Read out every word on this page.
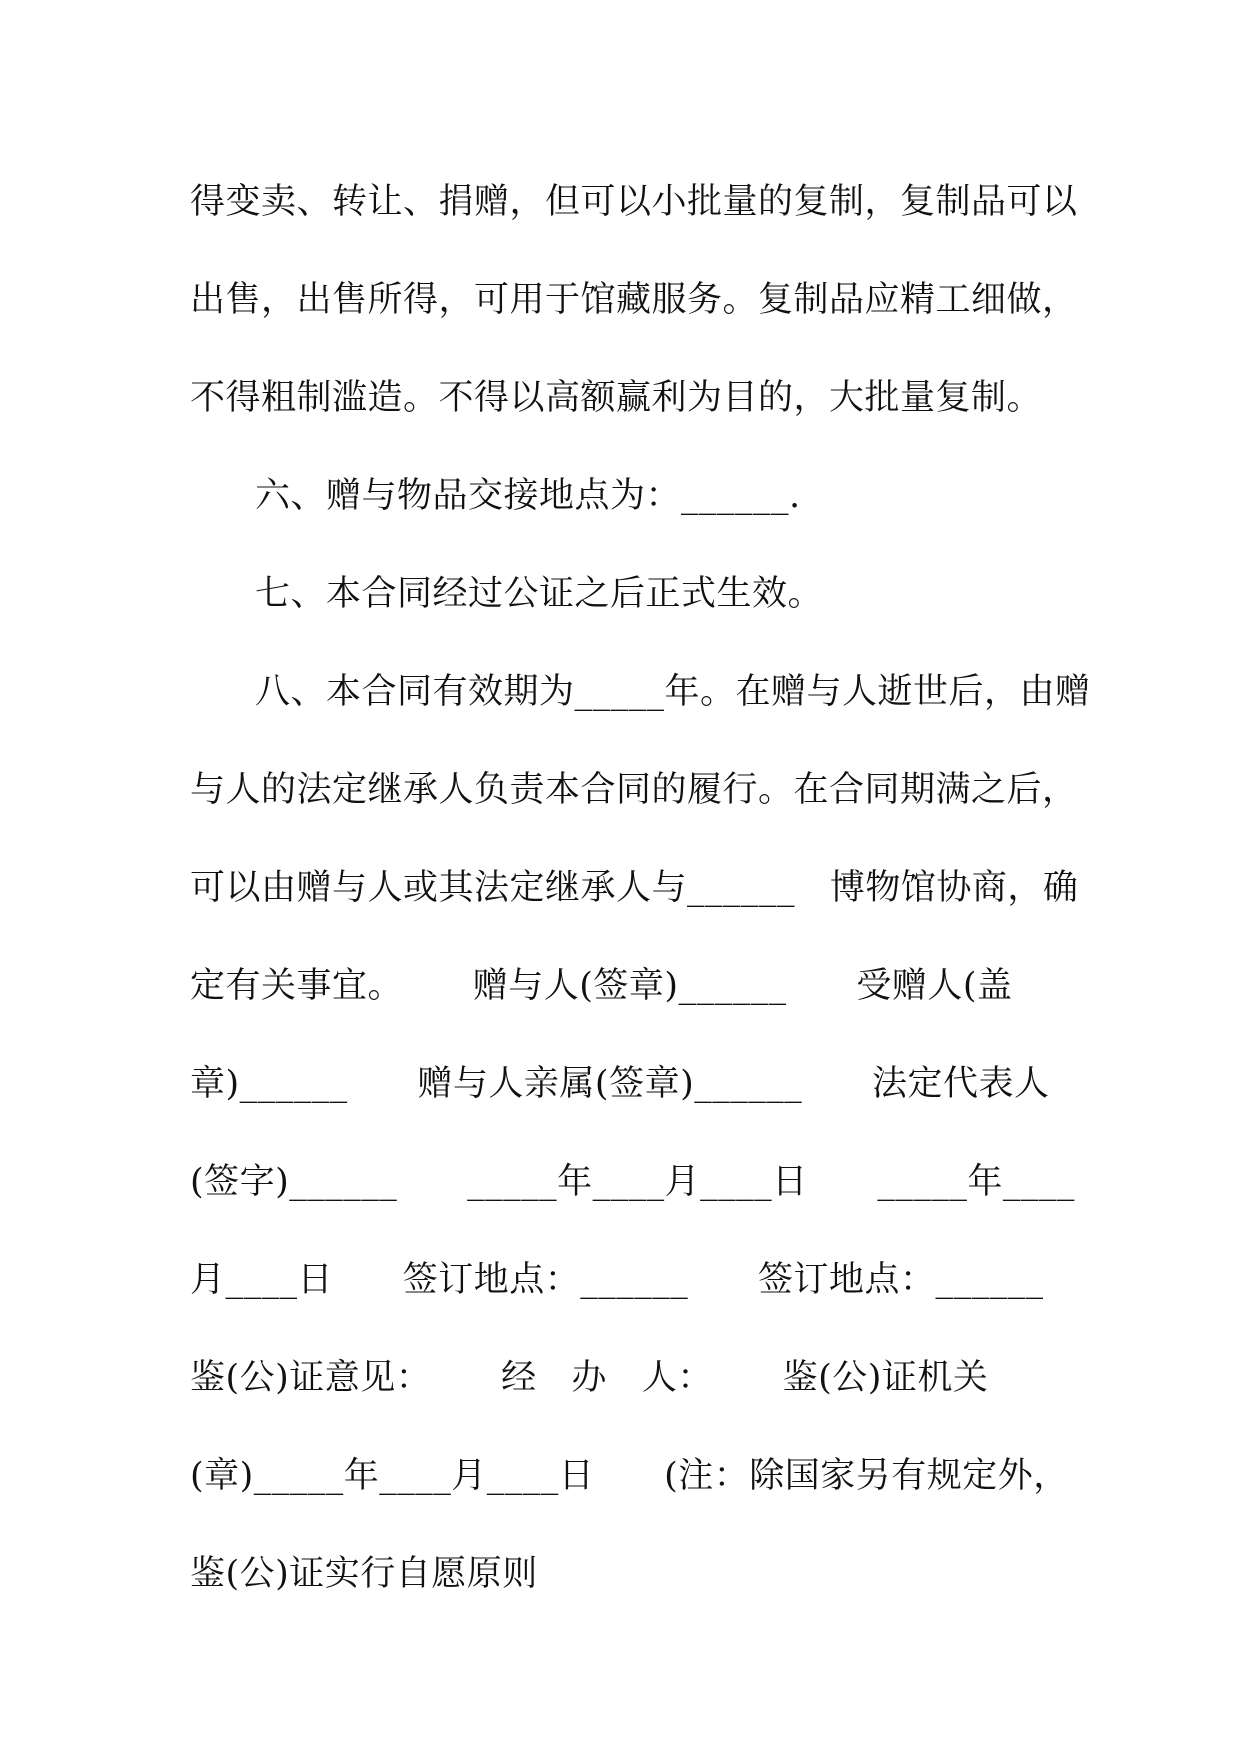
得变卖、转让、捐赠，但可以小批量的复制，复制品可以
出售，出售所得，可用于馆藏服务。复制品应精工细做，
不得粗制滥造。不得以高额赢利为目的，大批量复制。
六、赠与物品交接地点为：______.
七、本合同经过公证之后正式生效。
八、本合同有效期为_____年。在赠与人逝世后，由赠
与人的法定继承人负责本合同的履行。在合同期满之后，
可以由赠与人或其法定继承人与______   博物馆协商，确
定有关事宜。      赠与人(签章)______      受赠人(盖
章)______      赠与人亲属(签章)______      法定代表人
(签字)______      _____年____月____日      _____年____
月____日      签订地点：______      签订地点：______
鉴(公)证意见：      经   办   人：      鉴(公)证机关
(章)_____年____月____日      (注：除国家另有规定外，
鉴(公)证实行自愿原则
